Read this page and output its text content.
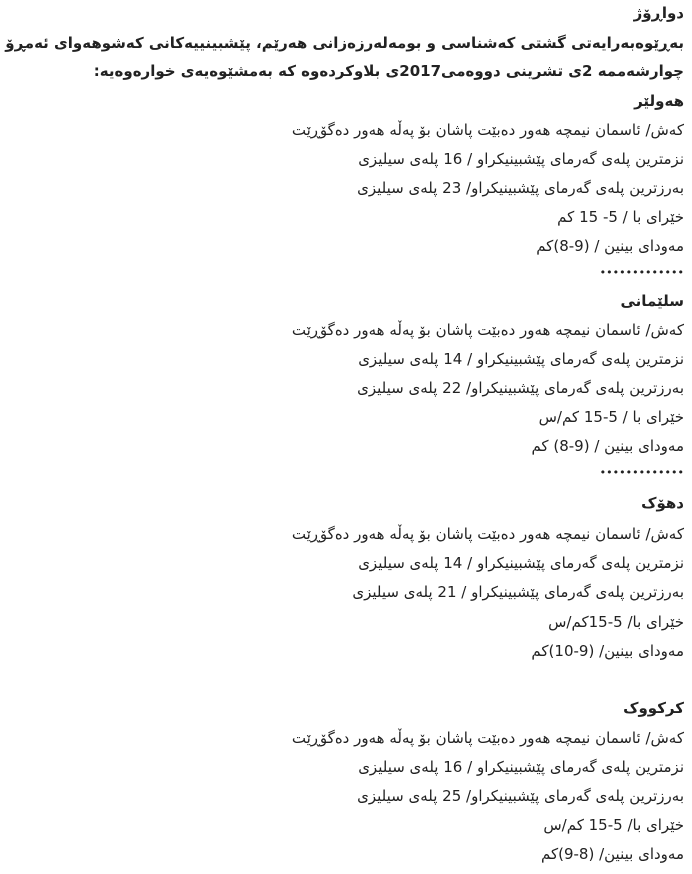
دواڕۆژ
بەڕێوەبەرایەتی گشتی کەشناسی و بومەلەرزەزانی هەرێم، پێشبینییەکانی کەشوهەوای ئەمڕۆ
چوارشەممە 2ی تشرینی دووەمی2017ی بلاوکردەوە کە بەمشێوەیەی خوارەوەیە:
هەولێر
کەش/ ئاسمان نیمچە هەور دەبێت پاشان بۆ پەڵە هەور دەگۆڕێت
نزمترین پلەی گەرمای پێشبینیکراو / 16 پلەی سیلیزی
بەرزترین پلەی گەرمای پێشبینیکراو/ 23 پلەی سیلیزی
خێرای با / 5- 15 کم
مەودای بینین / (9-8)کم
•••••••••••••
سلێمانی
کەش/ ئاسمان نیمچە هەور دەبێت پاشان بۆ پەڵە هەور دەگۆڕێت
نزمترین پلەی گەرمای پێشبینیکراو / 14 پلەی سیلیزی
بەرزترین پلەی گەرمای پێشبینیکراو/ 22 پلەی سیلیزی
خێرای با / 5-15 کم/س
مەودای بینین / (9-8) کم
•••••••••••••
دهۆک
کەش/ ئاسمان نیمچە هەور دەبێت پاشان بۆ پەڵە هەور دەگۆڕێت
نزمترین پلەی گەرمای پێشبینیکراو / 14 پلەی سیلیزی
بەرزترین پلەی گەرمای پێشبینیکراو / 21 پلەی سیلیزی
خێرای با/ 5-15کم/س
مەودای بینین/ (9-10)کم
کرکووک
کەش/ ئاسمان نیمچە هەور دەبێت پاشان بۆ پەڵە هەور دەگۆڕێت
نزمترین پلەی گەرمای پێشبینیکراو / 16 پلەی سیلیزی
بەرزترین پلەی گەرمای پێشبینیکراو/ 25 پلەی سیلیزی
خێرای با/ 5-15 کم/س
مەودای بینین/ (8-9)کم
